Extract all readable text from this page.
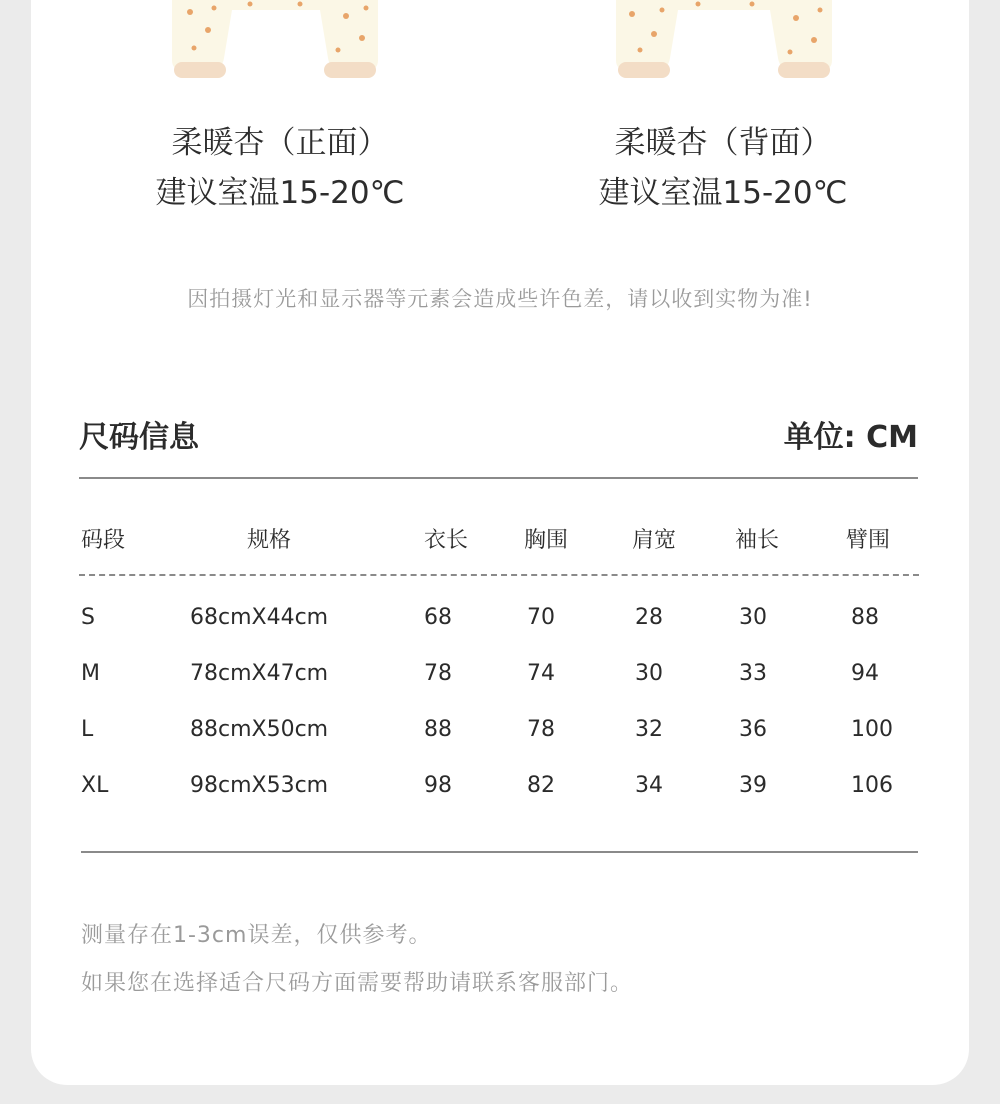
柔暖杏（正面）
建议室温15-20℃
柔暖杏（背面）
建议室温15-20℃
因拍摄灯光和显示器等元素会造成些许色差，请以收到实物为准!
尺码信息	单位: CM
码段	规格	衣长	胸围	肩宽	袖长	臂围
S	68cmX44cm	68	70	28	30	88
M	78cmX47cm	78	74	30	33	94
L	88cmX50cm	88	78	32	36	100
XL	98cmX53cm	98	82	34	39	106
测量存在1-3cm误差，仅供参考。
如果您在选择适合尺码方面需要帮助请联系客服部门。
